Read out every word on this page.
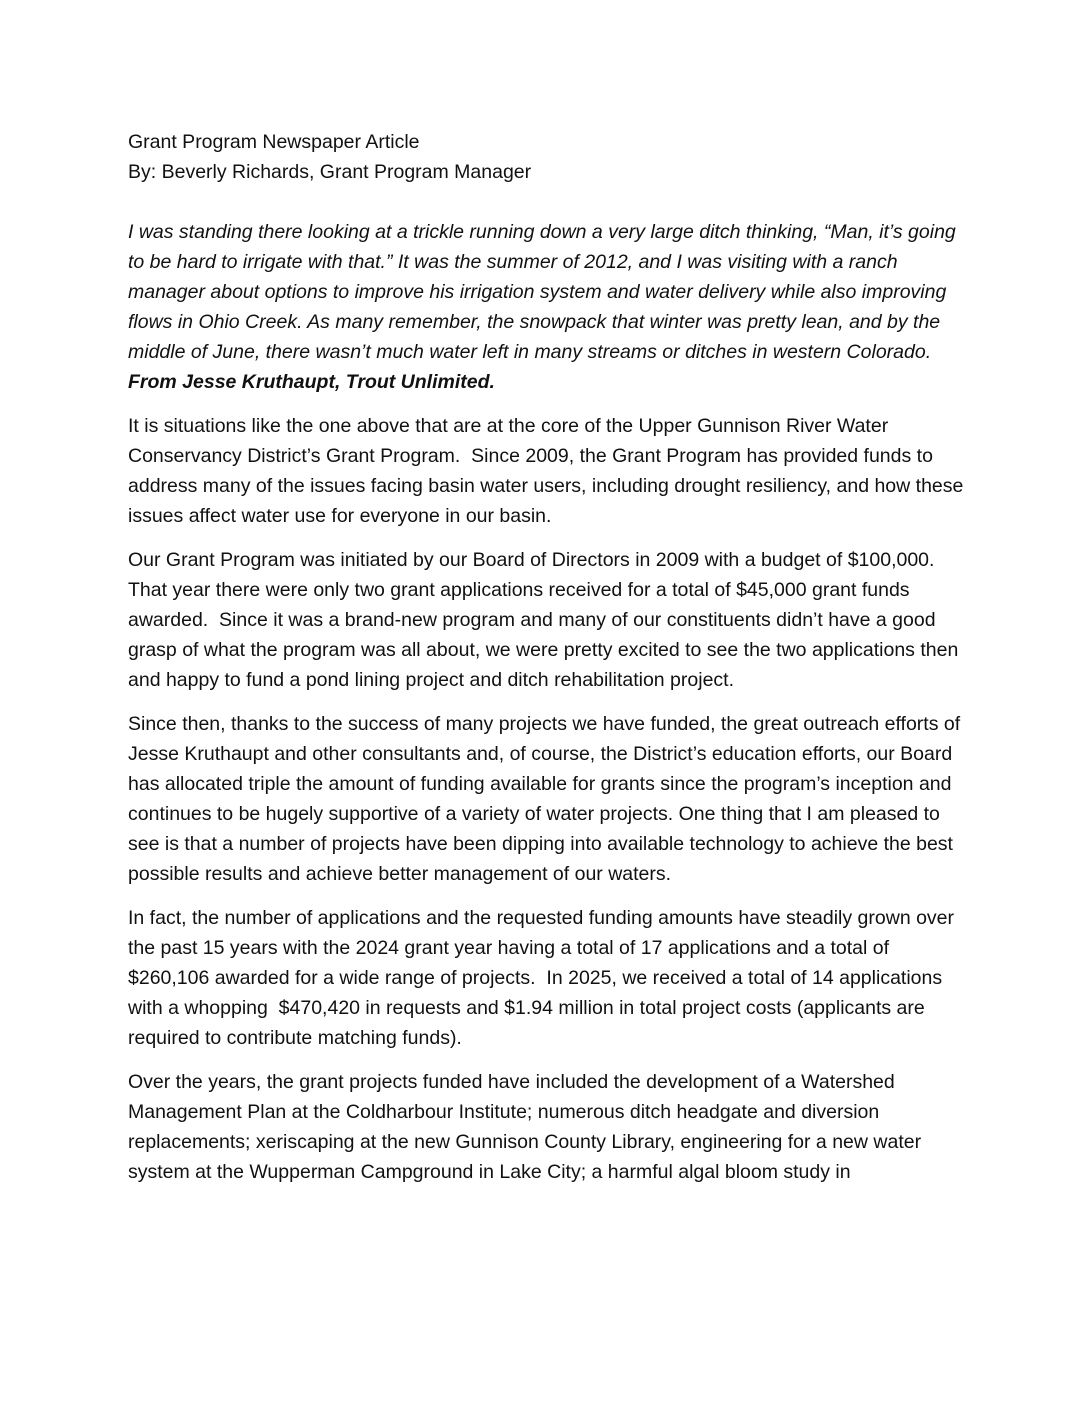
Grant Program Newspaper Article

By: Beverly Richards, Grant Program Manager

I was standing there looking at a trickle running down a very large ditch thinking, “Man, it’s going to be hard to irrigate with that.” It was the summer of 2012, and I was visiting with a ranch manager about options to improve his irrigation system and water delivery while also improving flows in Ohio Creek. As many remember, the snowpack that winter was pretty lean, and by the middle of June, there wasn’t much water left in many streams or ditches in western Colorado.  From Jesse Kruthaupt, Trout Unlimited.

It is situations like the one above that are at the core of the Upper Gunnison River Water Conservancy District’s Grant Program.  Since 2009, the Grant Program has provided funds to address many of the issues facing basin water users, including drought resiliency, and how these issues affect water use for everyone in our basin.

Our Grant Program was initiated by our Board of Directors in 2009 with a budget of $100,000.  That year there were only two grant applications received for a total of $45,000 grant funds awarded.  Since it was a brand-new program and many of our constituents didn’t have a good grasp of what the program was all about, we were pretty excited to see the two applications then and happy to fund a pond lining project and ditch rehabilitation project.

Since then, thanks to the success of many projects we have funded, the great outreach efforts of Jesse Kruthaupt and other consultants and, of course, the District’s education efforts, our Board has allocated triple the amount of funding available for grants since the program’s inception and continues to be hugely supportive of a variety of water projects. One thing that I am pleased to see is that a number of projects have been dipping into available technology to achieve the best possible results and achieve better management of our waters.

In fact, the number of applications and the requested funding amounts have steadily grown over the past 15 years with the 2024 grant year having a total of 17 applications and a total of $260,106 awarded for a wide range of projects.  In 2025, we received a total of 14 applications with a whopping  $470,420 in requests and $1.94 million in total project costs (applicants are required to contribute matching funds).

Over the years, the grant projects funded have included the development of a Watershed Management Plan at the Coldharbour Institute; numerous ditch headgate and diversion replacements; xeriscaping at the new Gunnison County Library, engineering for a new water system at the Wupperman Campground in Lake City; a harmful algal bloom study in
